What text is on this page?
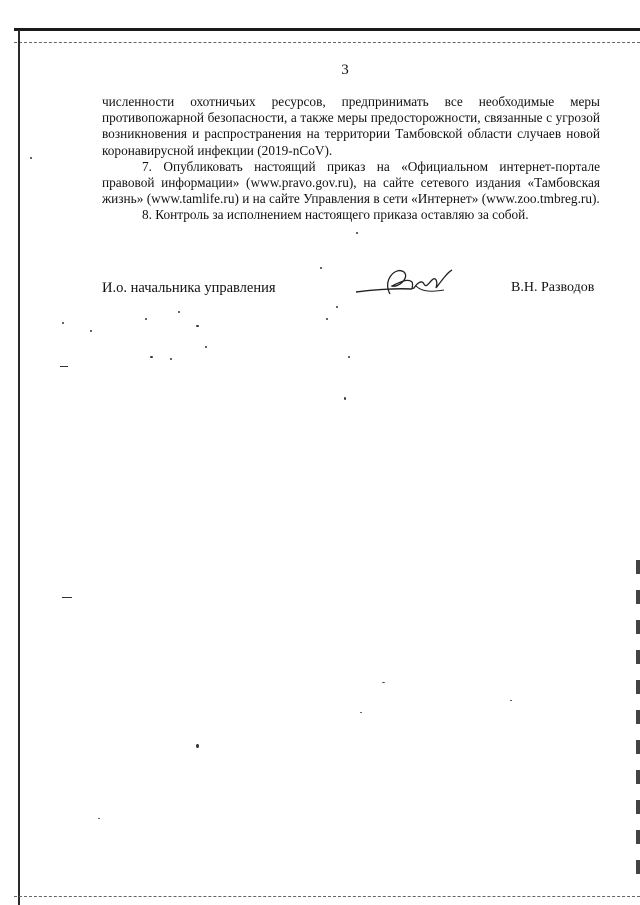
3

численности охотничьих ресурсов, предпринимать все необходимые меры противопожарной безопасности, а также меры предосторожности, связанные с угрозой возникновения и распространения на территории Тамбовской области случаев новой коронавирусной инфекции (2019-nCoV).

7. Опубликовать настоящий приказ на «Официальном интернет-портале правовой информации» (www.pravo.gov.ru), на сайте сетевого издания «Тамбовская жизнь» (www.tamlife.ru) и на сайте Управления в сети «Интернет» (www.zoo.tmbreg.ru).

8. Контроль за исполнением настоящего приказа оставляю за собой.

И.о. начальника управления	В.Н. Разводов
